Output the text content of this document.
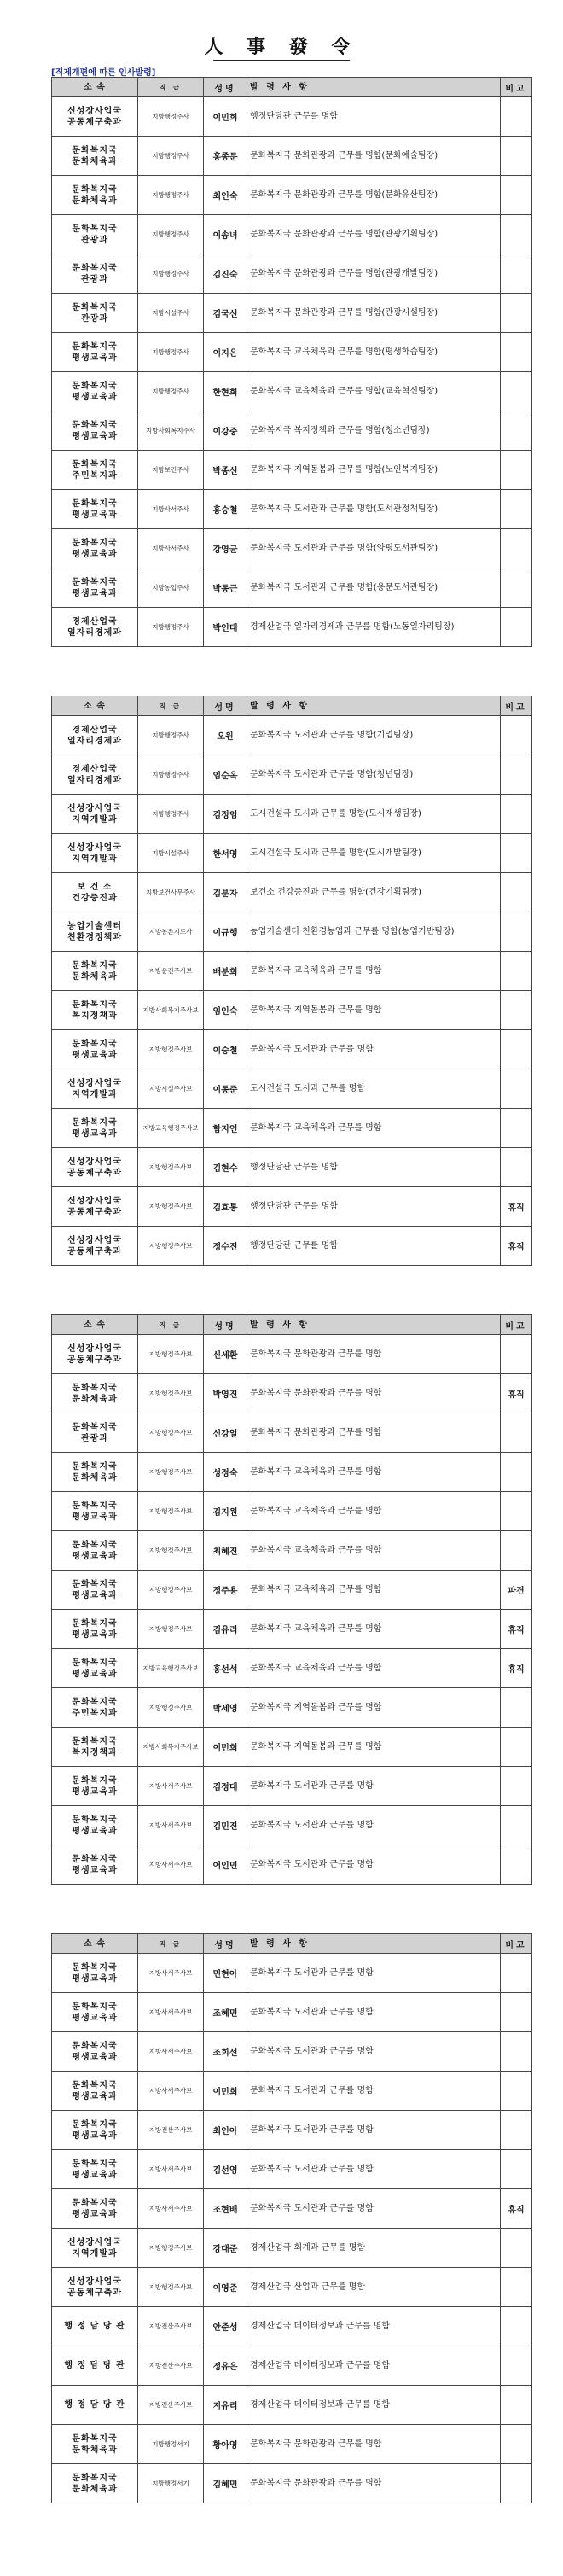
人 事 發 令
[직제개편에 따른 인사발령]
소 속	직 급	성명	발 령 사 항	비고
신성장사업국
공동체구축과	지방행정주사	이민희	행정단당관 근무를 명함	
문화복지국
문화체육과	지방행정주사	홍종문	문화복지국 문화관광과 근무를 명함(문화예술팀장)	
문화복지국
문화체육과	지방행정주사	최인숙	문화복지국 문화관광과 근무를 명함(문화유산팀장)	
문화복지국
관광과	지방행정주사	이송녀	문화복지국 문화관광과 근무를 명함(관광기획팀장)	
문화복지국
관광과	지방행정주사	김진숙	문화복지국 문화관광과 근무를 명함(관광개발팀장)	
문화복지국
관광과	지방시설주사	김국선	문화복지국 문화관광과 근무를 명함(관광시설팀장)	
문화복지국
평생교육과	지방행정주사	이지은	문화복지국 교육체육과 근무를 명함(평생학습팀장)	
문화복지국
평생교육과	지방행정주사	한현희	문화복지국 교육체육과 근무를 명함(교육혁신팀장)	
문화복지국
평생교육과	지방사회복지주사	이강중	문화복지국 복지정책과 근무를 명함(청소년팀장)	
문화복지국
주민복지과	지방보건주사	박종선	문화복지국 지역돌봄과 근무를 명함(노인복지팀장)	
문화복지국
평생교육과	지방사서주사	홍승철	문화복지국 도서관과 근무를 명함(도서관정책팀장)	
문화복지국
평생교육과	지방사서주사	강영균	문화복지국 도서관과 근무를 명함(양평도서관팀장)	
문화복지국
평생교육과	지방농업주사	박동근	문화복지국 도서관과 근무를 명함(용문도서관팀장)	
경제산업국
일자리경제과	지방행정주사	박인태	경제산업국 일자리경제과 근무를 명함(노동일자리팀장)	
소 속	직 급	성명	발 령 사 항	비고
경제산업국
일자리경제과	지방행정주사	오원	문화복지국 도서관과 근무를 명함(기업팀장)	
경제산업국
일자리경제과	지방행정주사	임순옥	문화복지국 도서관과 근무를 명함(청년팀장)	
신성장사업국
지역개발과	지방행정주사	김정임	도시건설국 도시과 근무를 명함(도시재생팀장)	
신성장사업국
지역개발과	지방시설주사	한서영	도시건설국 도시과 근무를 명함(도시개발팀장)	
보 건 소
건강증진과	지방보건사무주사	김분자	보건소 건강증진과 근무를 명함(건강기획팀장)	
농업기술센터
친환경정책과	지방농촌지도사	이규행	농업기술센터 친환경농업과 근무를 명함(농업기반팀장)	
문화복지국
문화체육과	지방운전주사보	배분희	문화복지국 교육체육과 근무를 명함	
문화복지국
복지정책과	지방사회복지주사보	임인숙	문화복지국 지역돌봄과 근무를 명함	
문화복지국
평생교육과	지방행정주사보	이승철	문화복지국 도서관과 근무를 명함	
신성장사업국
지역개발과	지방시설주사보	이동준	도시건설국 도시과 근무를 명함	
문화복지국
평생교육과	지방교육행정주사보	함지인	문화복지국 교육체육과 근무를 명함	
신성장사업국
공동체구축과	지방행정주사보	김현수	행정단당관 근무를 명함	
신성장사업국
공동체구축과	지방행정주사보	김효통	행정단당관 근무를 명함	휴직
신성장사업국
공동체구축과	지방행정주사보	정수진	행정단당관 근무를 명함	휴직
소 속	직 급	성명	발 령 사 항	비고
신성장사업국
공동체구축과	지방행정주사보	신세환	문화복지국 문화관광과 근무를 명함	
문화복지국
문화체육과	지방행정주사보	박영진	문화복지국 문화관광과 근무를 명함	휴직
문화복지국
관광과	지방행정주사보	신강일	문화복지국 문화관광과 근무를 명함	
문화복지국
문화체육과	지방행정주사보	성정숙	문화복지국 교육체육과 근무를 명함	
문화복지국
평생교육과	지방행정주사보	김지원	문화복지국 교육체육과 근무를 명함	
문화복지국
평생교육과	지방행정주사보	최혜진	문화복지국 교육체육과 근무를 명함	
문화복지국
평생교육과	지방행정주사보	정주용	문화복지국 교육체육과 근무를 명함	파견
문화복지국
평생교육과	지방행정주사보	김유리	문화복지국 교육체육과 근무를 명함	휴직
문화복지국
평생교육과	지방교육행정주사보	홍선석	문화복지국 교육체육과 근무를 명함	휴직
문화복지국
주민복지과	지방행정주사보	박세영	문화복지국 지역돌봄과 근무를 명함	
문화복지국
복지정책과	지방사회복지주사보	이민희	문화복지국 지역돌봄과 근무를 명함	
문화복지국
평생교육과	지방사서주사보	김정대	문화복지국 도서관과 근무를 명함	
문화복지국
평생교육과	지방사서주사보	김민진	문화복지국 도서관과 근무를 명함	
문화복지국
평생교육과	지방사서주사보	어인민	문화복지국 도서관과 근무를 명함	
소 속	직 급	성명	발 령 사 항	비고
문화복지국
평생교육과	지방사서주사보	민현아	문화복지국 도서관과 근무를 명함	
문화복지국
평생교육과	지방사서주사보	조혜민	문화복지국 도서관과 근무를 명함	
문화복지국
평생교육과	지방사서주사보	조희선	문화복지국 도서관과 근무를 명함	
문화복지국
평생교육과	지방사서주사보	이민희	문화복지국 도서관과 근무를 명함	
문화복지국
평생교육과	지방전산주사보	최인아	문화복지국 도서관과 근무를 명함	
문화복지국
평생교육과	지방사서주사보	김선영	문화복지국 도서관과 근무를 명함	
문화복지국
평생교육과	지방사서주사보	조현배	문화복지국 도서관과 근무를 명함	휴직
신성장사업국
지역개발과	지방행정주사보	강대준	경제산업국 회계과 근무를 명함	
신성장사업국
공동체구축과	지방행정주사보	이영준	경제산업국 산업과 근무를 명함	
행 정 담 당 관	지방전산주사보	안준성	경제산업국 데이터정보과 근무를 명함	
행 정 담 당 관	지방전산주사보	정유은	경제산업국 데이터정보과 근무를 명함	
행 정 담 당 관	지방전산주사보	지유리	경제산업국 데이터정보과 근무를 명함	
문화복지국
문화체육과	지방행정서기	황아영	문화복지국 문화관광과 근무를 명함	
문화복지국
문화체육과	지방행정서기	김혜민	문화복지국 문화관광과 근무를 명함	
